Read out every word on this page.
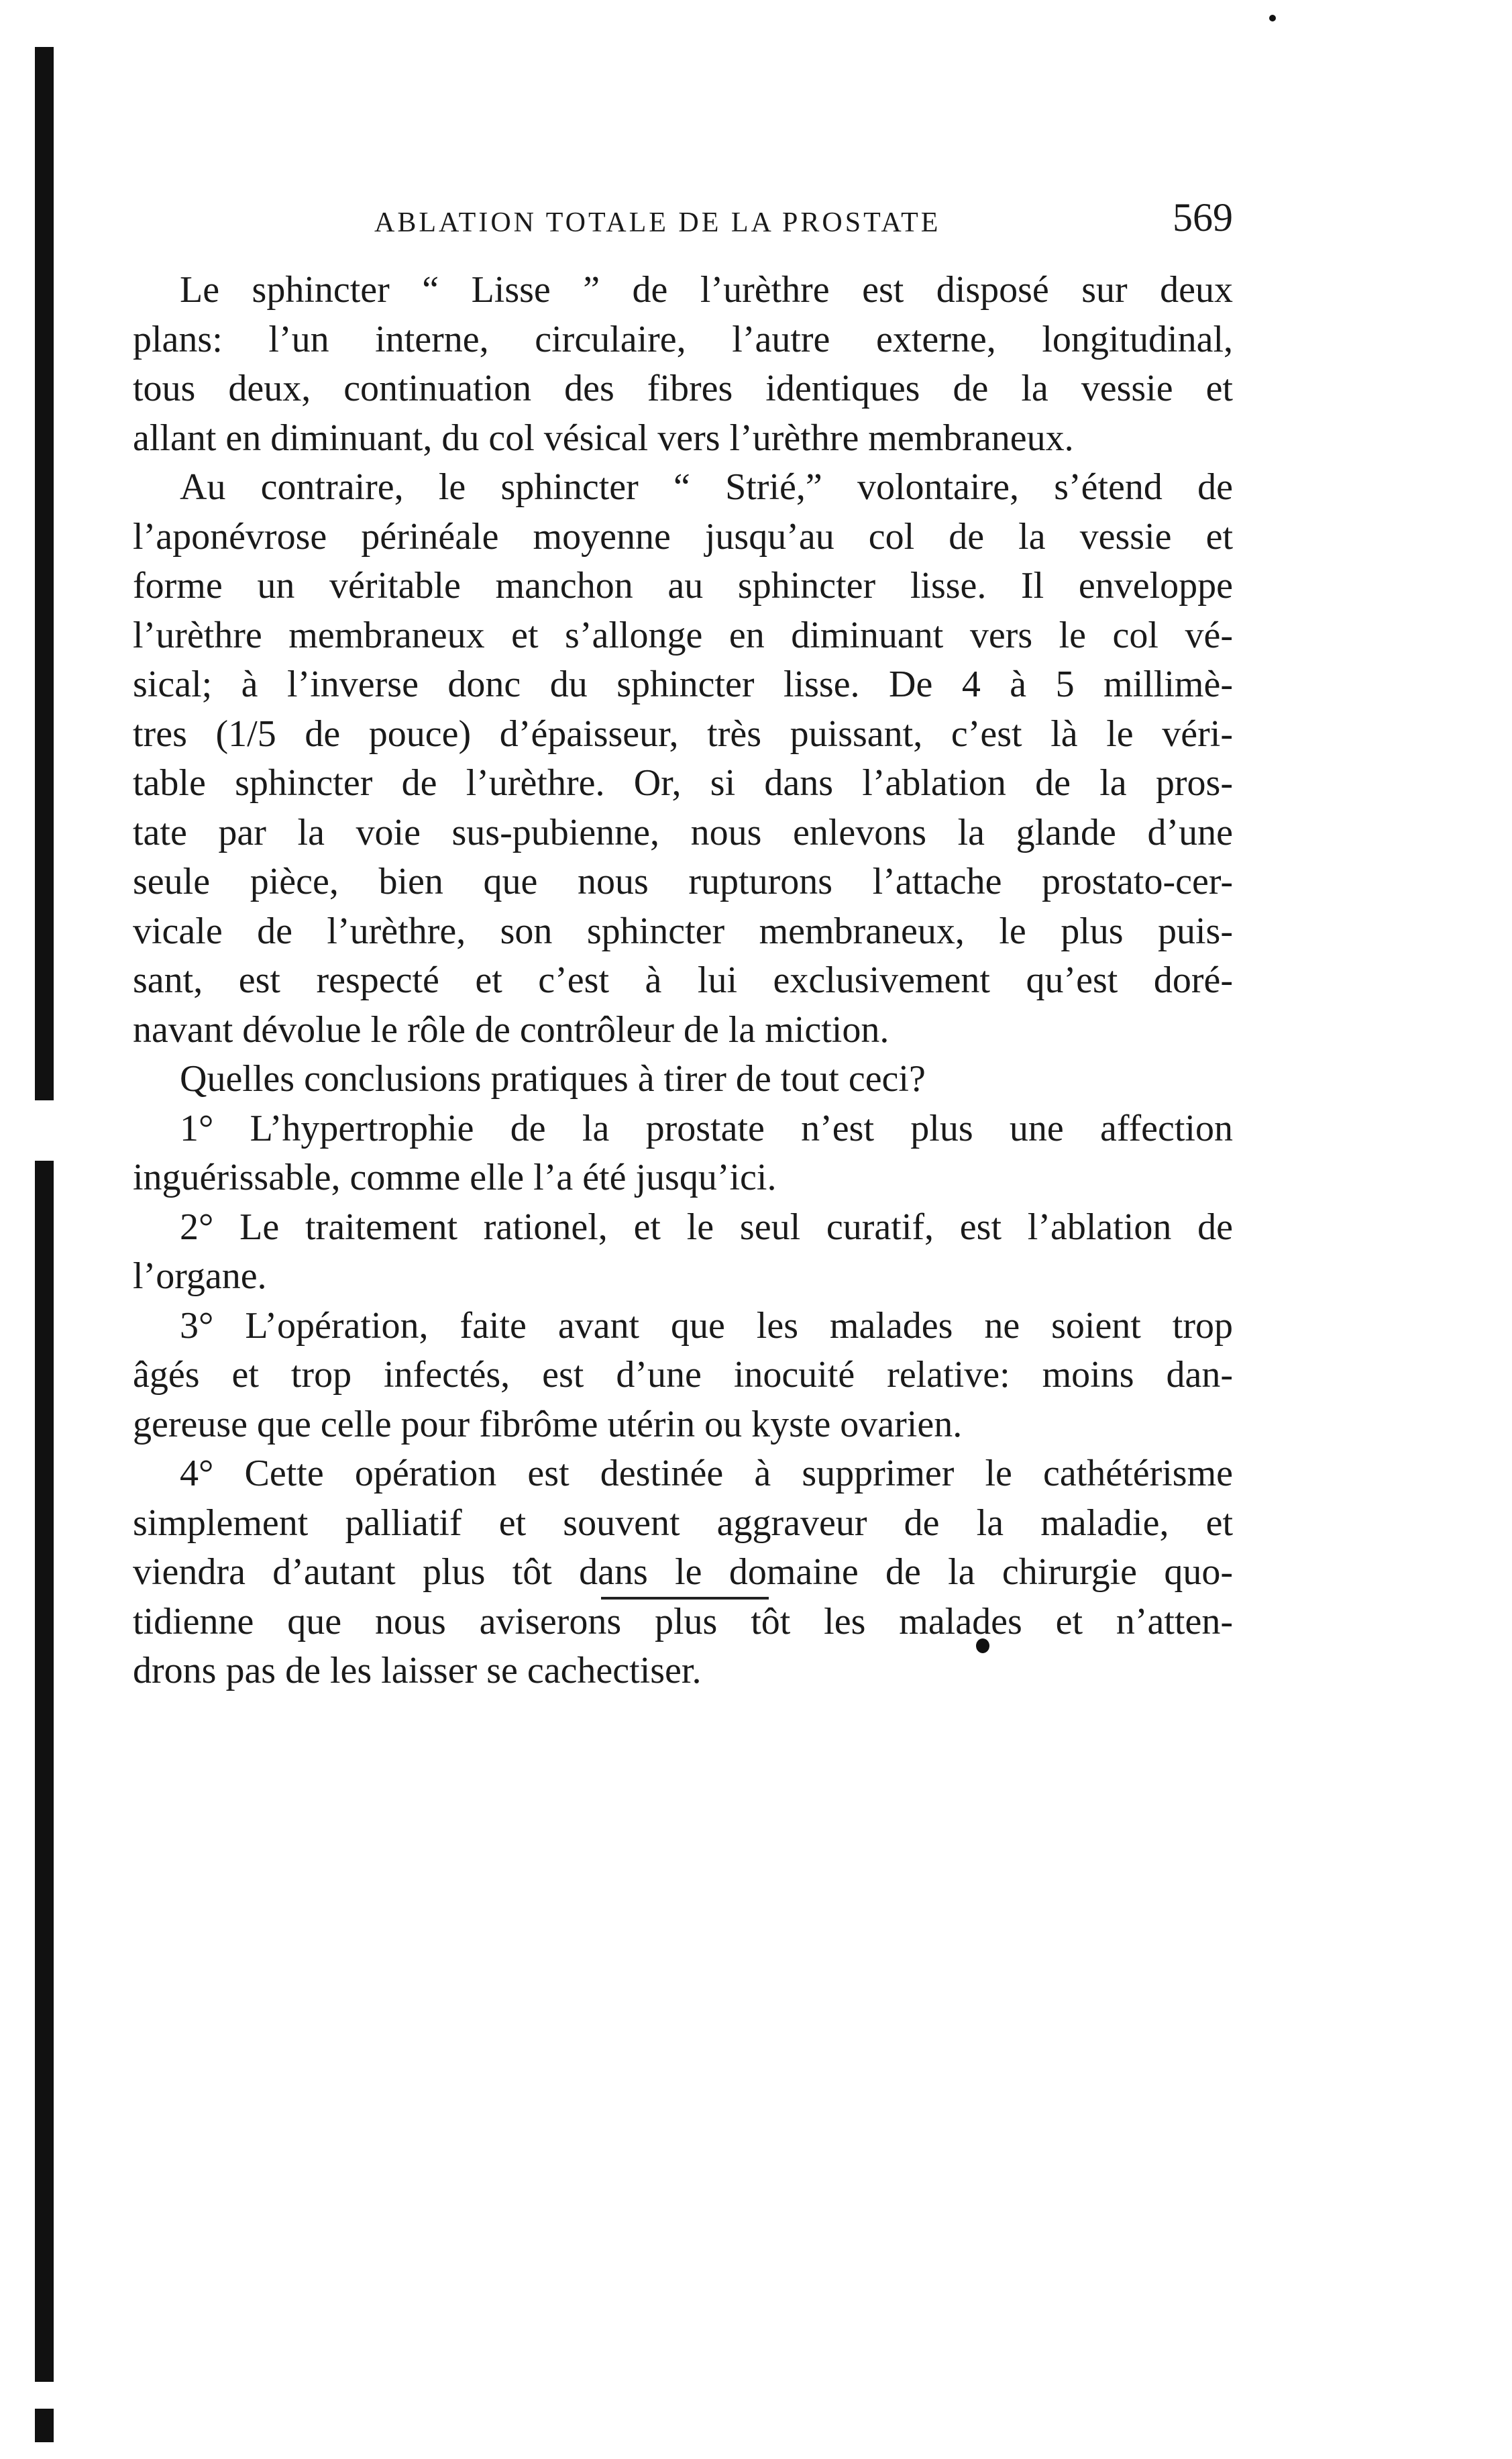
ABLATION TOTALE DE LA PROSTATE	569
Le sphincter “ Lisse ” de l’urèthre est disposé sur deux
plans: l’un interne, circulaire, l’autre externe, longitudinal,
tous deux, continuation des fibres identiques de la vessie et
allant en diminuant, du col vésical vers l’urèthre membraneux.
Au contraire, le sphincter “ Strié,” volontaire, s’étend de
l’aponévrose périnéale moyenne jusqu’au col de la vessie et
forme un véritable manchon au sphincter lisse. Il enveloppe
l’urèthre membraneux et s’allonge en diminuant vers le col vé-
sical; à l’inverse donc du sphincter lisse. De 4 à 5 millimè-
tres (1/5 de pouce) d’épaisseur, très puissant, c’est là le véri-
table sphincter de l’urèthre. Or, si dans l’ablation de la pros-
tate par la voie sus-pubienne, nous enlevons la glande d’une
seule pièce, bien que nous rupturons l’attache prostato-cer-
vicale de l’urèthre, son sphincter membraneux, le plus puis-
sant, est respecté et c’est à lui exclusivement qu’est doré-
navant dévolue le rôle de contrôleur de la miction.
Quelles conclusions pratiques à tirer de tout ceci?
1° L’hypertrophie de la prostate n’est plus une affection
inguérissable, comme elle l’a été jusqu’ici.
2° Le traitement rationel, et le seul curatif, est l’ablation de
l’organe.
3° L’opération, faite avant que les malades ne soient trop
âgés et trop infectés, est d’une inocuité relative: moins dan-
gereuse que celle pour fibrôme utérin ou kyste ovarien.
4° Cette opération est destinée à supprimer le cathétérisme
simplement palliatif et souvent aggraveur de la maladie, et
viendra d’autant plus tôt dans le domaine de la chirurgie quo-
tidienne que nous aviserons plus tôt les malades et n’atten-
drons pas de les laisser se cachectiser.
